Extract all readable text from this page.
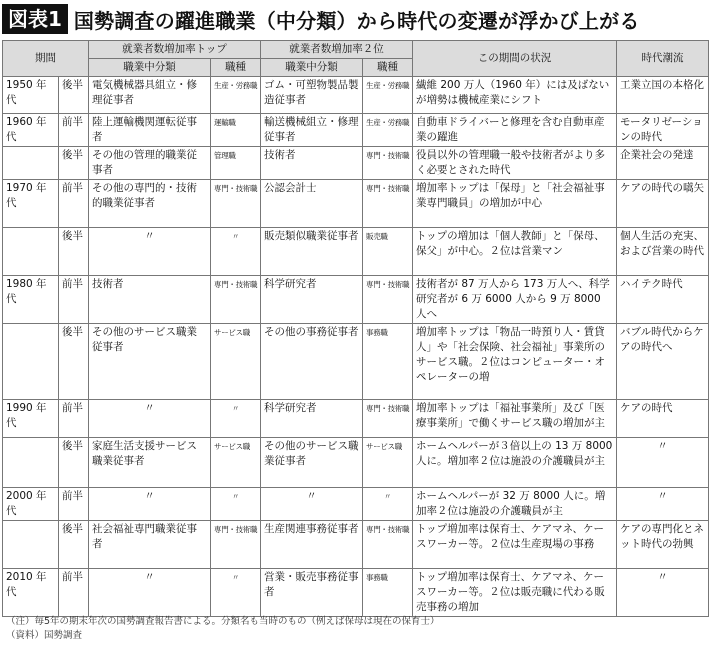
図表1 国勢調査の躍進職業（中分類）から時代の変遷が浮かび上がる
期間		就業者数増加率トップ		就業者数増加率２位		この期間の状況	時代潮流
		職業中分類	職種	職業中分類	職種		
1950 年代	後半	電気機械器具組立・修理従事者	生産・労務職	ゴム・可塑物製品製造従事者	生産・労務職	繊維 200 万人（1960 年）には及ばないが増勢は機械産業にシフト	工業立国の本格化
1960 年代	前半	陸上運輸機関運転従事者	運輸職	輸送機械組立・修理従事者	生産・労務職	自動車ドライバーと修理を含む自動車産業の躍進	モータリゼーションの時代
	後半	その他の管理的職業従事者	管理職	技術者	専門・技術職	役員以外の管理職一般や技術者がより多く必要とされた時代	企業社会の発達
1970 年代	前半	その他の専門的・技術的職業従事者	専門・技術職	公認会計士	専門・技術職	増加率トップは「保母」と「社会福祉事業専門職員」の増加が中心	ケアの時代の嚆矢
	後半	〃	〃	販売類似職業従事者	販売職	トップの増加は「個人教師」と「保母、保父」が中心。２位は営業マン	個人生活の充実、および営業の時代
1980 年代	前半	技術者	専門・技術職	科学研究者	専門・技術職	技術者が 87 万人から 173 万人へ、科学研究者が 6 万 6000 人から 9 万 8000 人へ	ハイテク時代
	後半	その他のサービス職業従事者	サービス職	その他の事務従事者	事務職	増加率トップは「物品一時預り人・賃貸人」や「社会保険、社会福祉」事業所のサービス職。２位はコンピューター・オペレーターの増	バブル時代からケアの時代へ
1990 年代	前半	〃	〃	科学研究者	専門・技術職	増加率トップは「福祉事業所」及び「医療事業所」で働くサービス職の増加が主	ケアの時代
	後半	家庭生活支援サービス職業従事者	サービス職	その他のサービス職業従事者	サービス職	ホームヘルパーが３倍以上の 13 万 8000 人に。増加率２位は施設の介護職員が主	〃
2000 年代	前半	〃	〃	〃	〃	ホームヘルパーが 32 万 8000 人に。増加率２位は施設の介護職員が主	〃
	後半	社会福祉専門職業従事者	専門・技術職	生産関連事務従事者	専門・技術職	トップ増加率は保育士、ケアマネ、ケースワーカー等。２位は生産現場の事務	ケアの専門化とネット時代の勃興
2010 年代	前半	〃	〃	営業・販売事務従事者	事務職	トップ増加率は保育士、ケアマネ、ケースワーカー等。２位は販売職に代わる販売事務の増加	〃
（注）毎5年の期末年次の国勢調査報告書による。分類名も当時のもの（例えば保母は現在の保育士）
（資料）国勢調査
